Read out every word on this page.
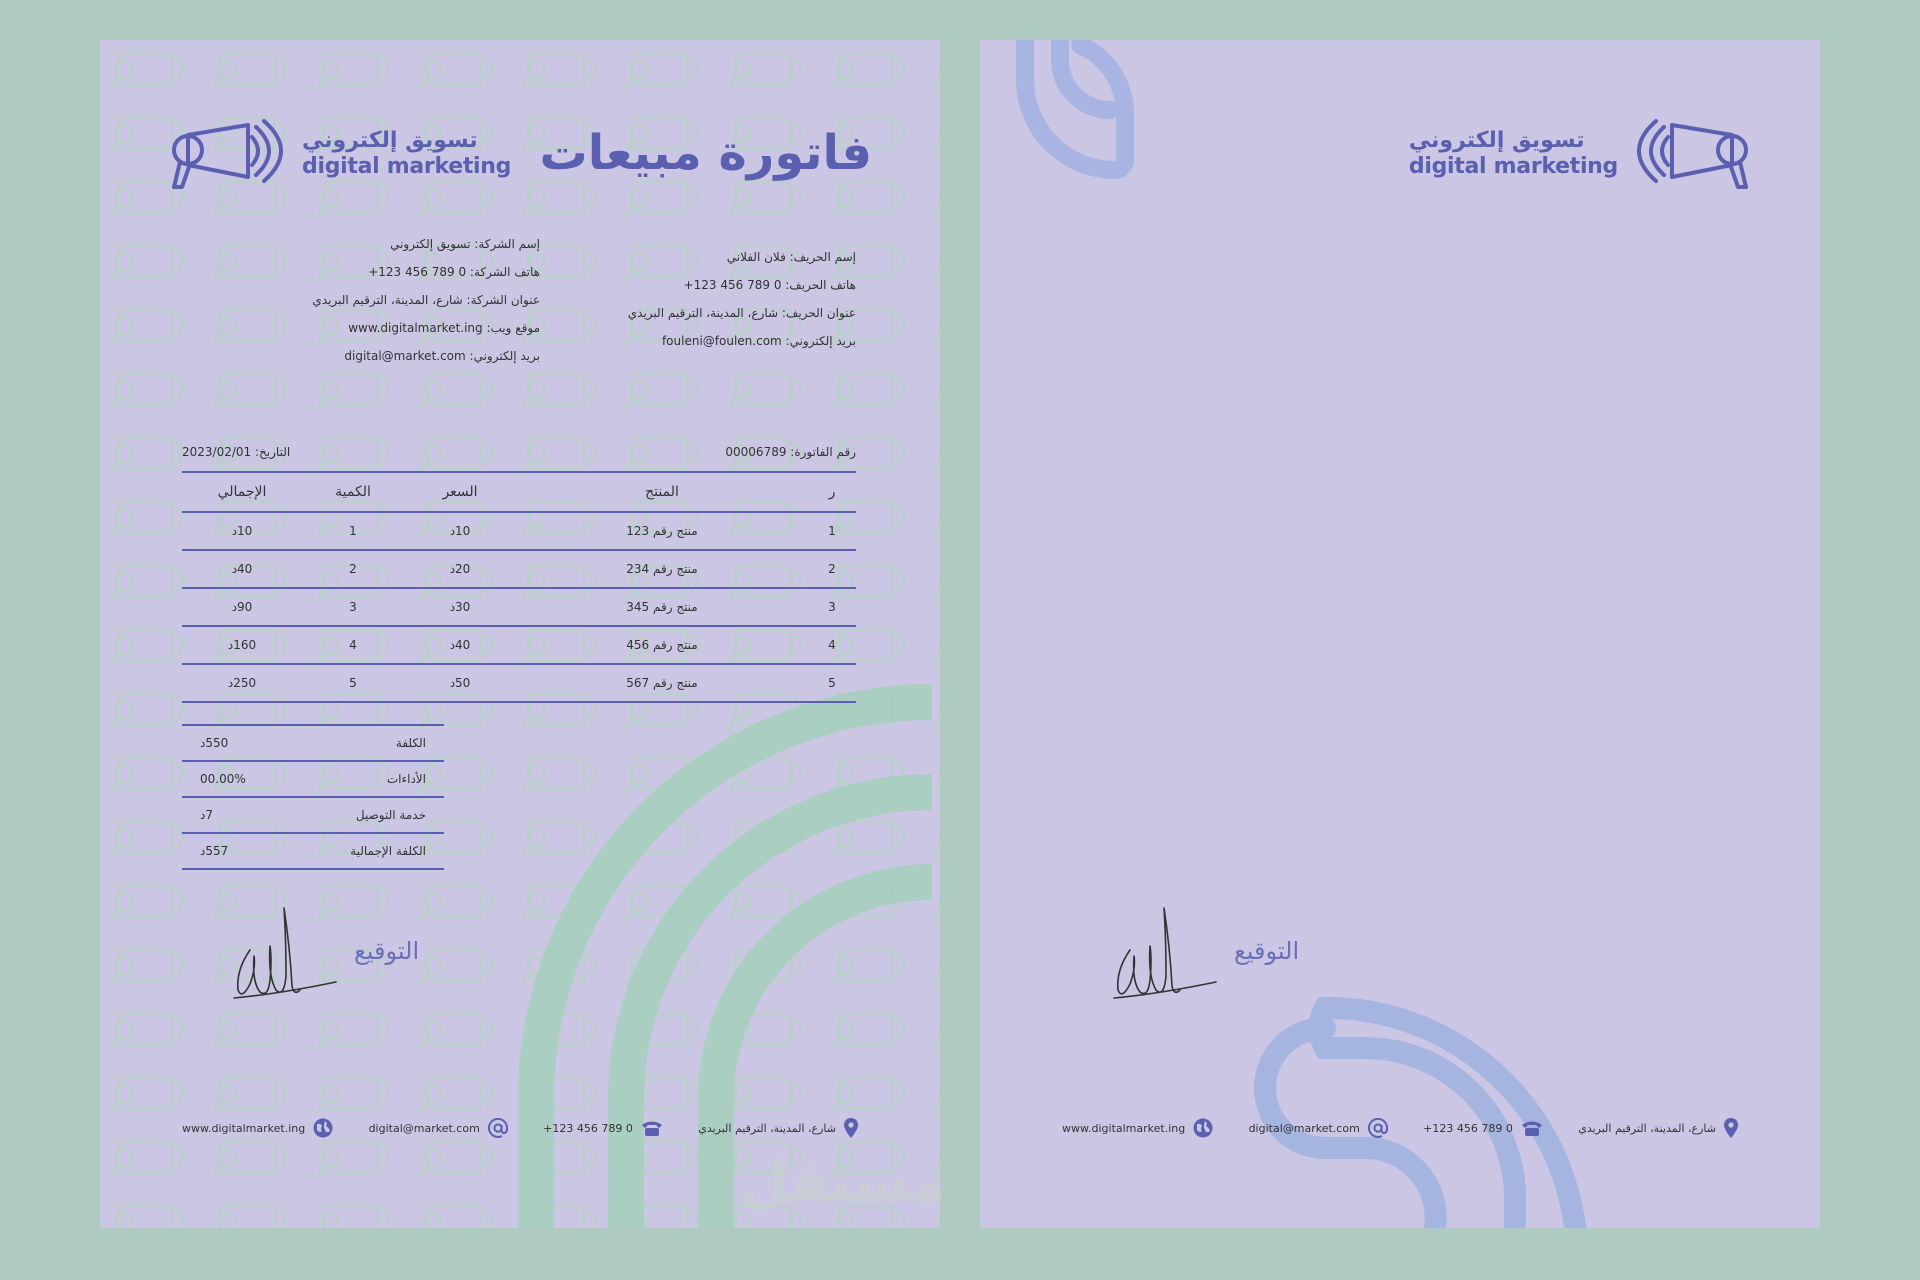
تسويق إلكتروني
digital marketing فاتورة مبيعات
إسم الشركة: تسويق إلكتروني
هاتف الشركة: 0 789 456 123+
عنوان الشركة: شارع، المدينة، الترقيم البريدي
موقع ويب: www.digitalmarket.ing
بريد إلكتروني: digital@market.com
إسم الحريف: فلان الفلاني
هاتف الحريف: 0 789 456 123+
عنوان الحريف: شارع، المدينة، الترقيم البريدي
بريد إلكتروني: fouleni@foulen.com
رقم الفاتورة: 00006789
التاريخ: 2023/02/01
ر	المنتج	السعر	الكمية	الإجمالي
1	منتج رقم 123	10د	1	10د
2	منتج رقم 234	20د	2	40د
3	منتج رقم 345	30د	3	90د
4	منتج رقم 456	40د	4	160د
5	منتج رقم 567	50د	5	250د
الكلفة	550د
الأداءات	00.00%
خدمة التوصيل	7د
الكلفة الإجمالية	557د
التوقيع
شارع، المدينة، الترقيم البريدي
0 789 456 123+
digital@market.com
www.digitalmarket.ing
تسويق إلكتروني
digital marketing
التوقيع
شارع، المدينة، الترقيم البريدي
0 789 456 123+
digital@market.com
www.digitalmarket.ing
مستقل
